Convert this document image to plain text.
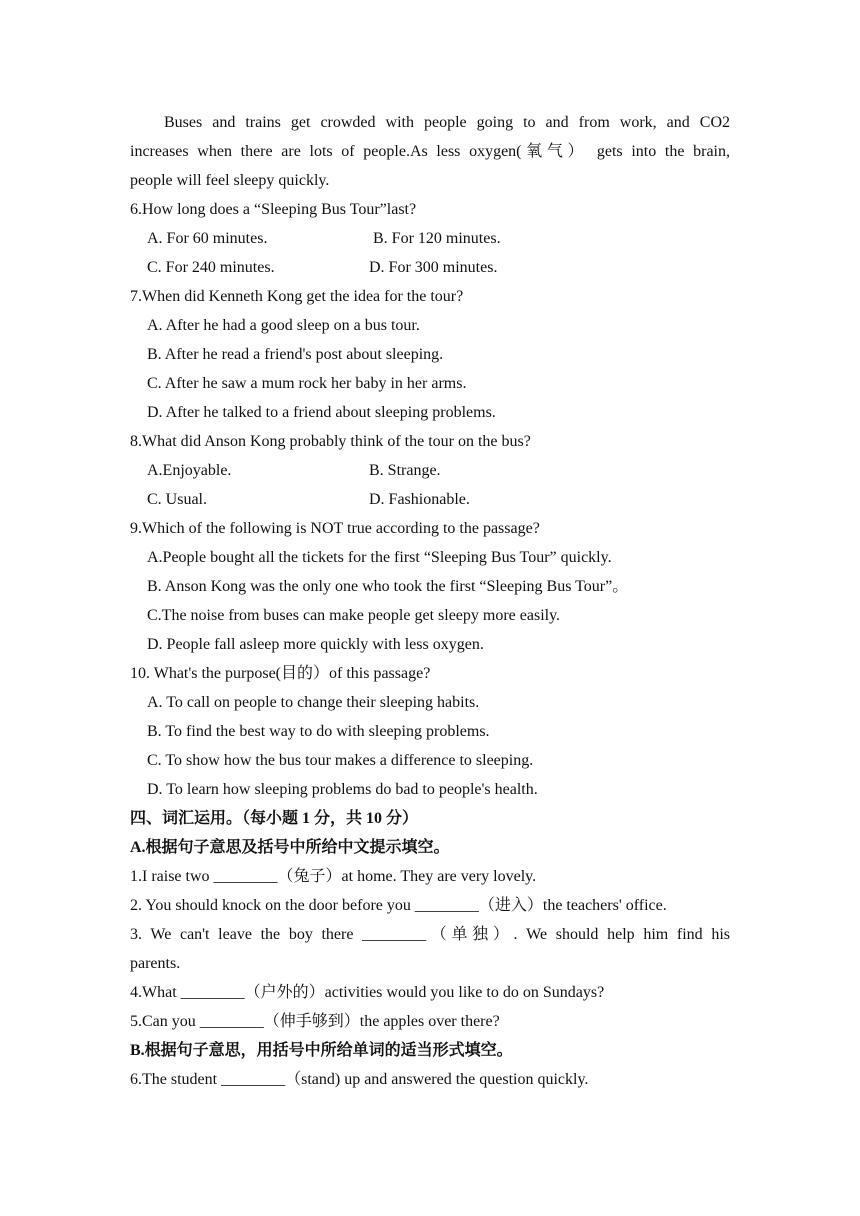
Buses and trains get crowded with people going to and from work, and CO2
increases when there are lots of people.As less oxygen(氧气） gets into the brain,
people will feel sleepy quickly.
6.How long does a “Sleeping Bus Tour”last?
A. For 60 minutes.	B. For 120 minutes.
C. For 240 minutes.	D. For 300 minutes.
7.When did Kenneth Kong get the idea for the tour?
A. After he had a good sleep on a bus tour.
B. After he read a friend's post about sleeping.
C. After he saw a mum rock her baby in her arms.
D. After he talked to a friend about sleeping problems.
8.What did Anson Kong probably think of the tour on the bus?
A.Enjoyable.	B. Strange.
C. Usual.	D. Fashionable.
9.Which of the following is NOT true according to the passage?
A.People bought all the tickets for the first “Sleeping Bus Tour” quickly.
B. Anson Kong was the only one who took the first “Sleeping Bus Tour”。
C.The noise from buses can make people get sleepy more easily.
D. People fall asleep more quickly with less oxygen.
10. What's the purpose(目的）of this passage?
A. To call on people to change their sleeping habits.
B. To find the best way to do with sleeping problems.
C. To show how the bus tour makes a difference to sleeping.
D. To learn how sleeping problems do bad to people's health.
四、词汇运用。（每小题 1 分，共 10 分）
A.根据句子意思及括号中所给中文提示填空。
1.I raise two ________（兔子）at home. They are very lovely.
2. You should knock on the door before you ________（进入）the teachers' office.
3. We can't leave the boy there ________（单独）. We should help him find his
parents.
4.What ________（户外的）activities would you like to do on Sundays?
5.Can you ________（伸手够到）the apples over there?
B.根据句子意思，用括号中所给单词的适当形式填空。
6.The student ________（stand) up and answered the question quickly.
